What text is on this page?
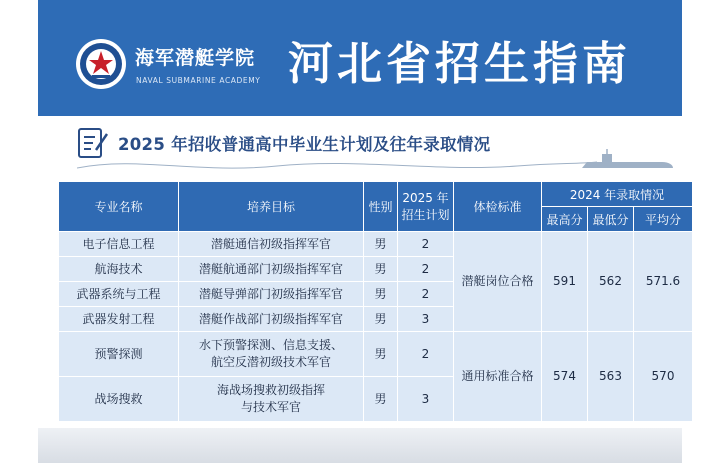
海军潜艇学院
NAVAL SUBMARINE ACADEMY 河北省招生指南
2025 年招收普通高中毕业生计划及往年录取情况
专业名称	培养目标	性别	2025 年
招生计划	体检标准	2024 年录取情况		
					最高分	最低分	平均分
电子信息工程	潜艇通信初级指挥军官	男	2	潜艇岗位合格	591	562	571.6
航海技术	潜艇航通部门初级指挥军官	男	2				
武器系统与工程	潜艇导弹部门初级指挥军官	男	2				
武器发射工程	潜艇作战部门初级指挥军官	男	3				
预警探测	水下预警探测、信息支援、
航空反潜初级技术军官	男	2	通用标准合格	574	563	570
战场搜救	海战场搜救初级指挥
与技术军官	男	3				
